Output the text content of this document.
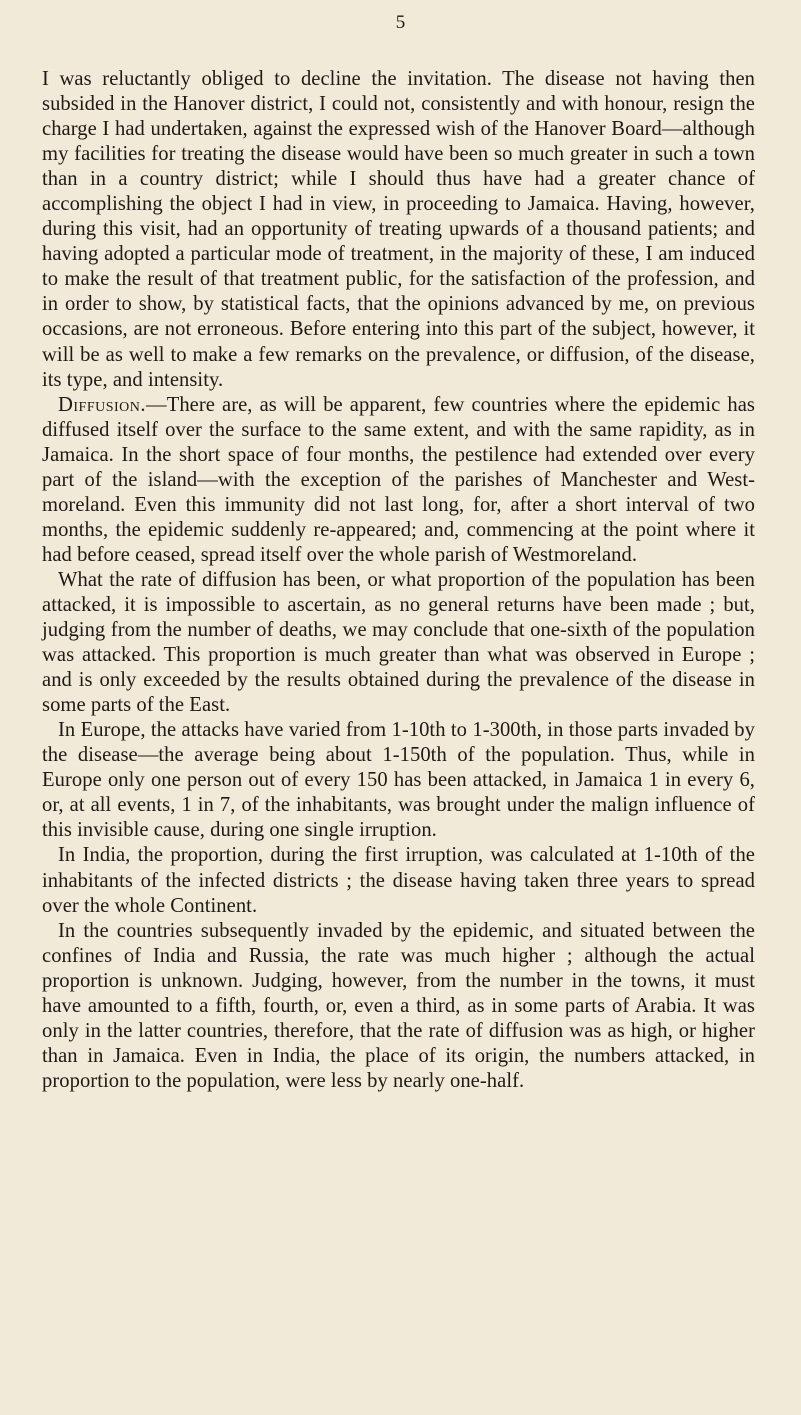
5

I was reluctantly obliged to decline the invitation. The disease not having then subsided in the Hanover district, I could not, consistently and with honour, resign the charge I had undertaken, against the expressed wish of the Hanover Board—although my facilities for treating the disease would have been so much greater in such a town than in a country district; while I should thus have had a greater chance of accomplishing the object I had in view, in proceeding to Jamaica. Having, however, during this visit, had an opportunity of treating upwards of a thousand patients; and having adopted a particular mode of treatment, in the majority of these, I am induced to make the result of that treatment public, for the satisfaction of the profession, and in order to show, by statistical facts, that the opinions advanced by me, on previous occasions, are not erroneous. Before entering into this part of the subject, however, it will be as well to make a few remarks on the prevalence, or diffusion, of the disease, its type, and intensity.

Diffusion.—There are, as will be apparent, few countries where the epidemic has diffused itself over the surface to the same extent, and with the same rapidity, as in Jamaica. In the short space of four months, the pestilence had extended over every part of the island—with the exception of the parishes of Manchester and West-moreland. Even this immunity did not last long, for, after a short interval of two months, the epidemic suddenly re-appeared; and, commencing at the point where it had before ceased, spread itself over the whole parish of Westmoreland.

What the rate of diffusion has been, or what proportion of the population has been attacked, it is impossible to ascertain, as no general returns have been made ; but, judging from the number of deaths, we may conclude that one-sixth of the population was attacked. This proportion is much greater than what was observed in Europe ; and is only exceeded by the results obtained during the prevalence of the disease in some parts of the East.

In Europe, the attacks have varied from 1-10th to 1-300th, in those parts invaded by the disease—the average being about 1-150th of the population. Thus, while in Europe only one person out of every 150 has been attacked, in Jamaica 1 in every 6, or, at all events, 1 in 7, of the inhabitants, was brought under the malign influence of this invisible cause, during one single irruption.

In India, the proportion, during the first irruption, was calculated at 1-10th of the inhabitants of the infected districts ; the disease having taken three years to spread over the whole Continent.

In the countries subsequently invaded by the epidemic, and situated between the confines of India and Russia, the rate was much higher ; although the actual proportion is unknown. Judging, however, from the number in the towns, it must have amounted to a fifth, fourth, or, even a third, as in some parts of Arabia. It was only in the latter countries, therefore, that the rate of diffusion was as high, or higher than in Jamaica. Even in India, the place of its origin, the numbers attacked, in proportion to the population, were less by nearly one-half.
